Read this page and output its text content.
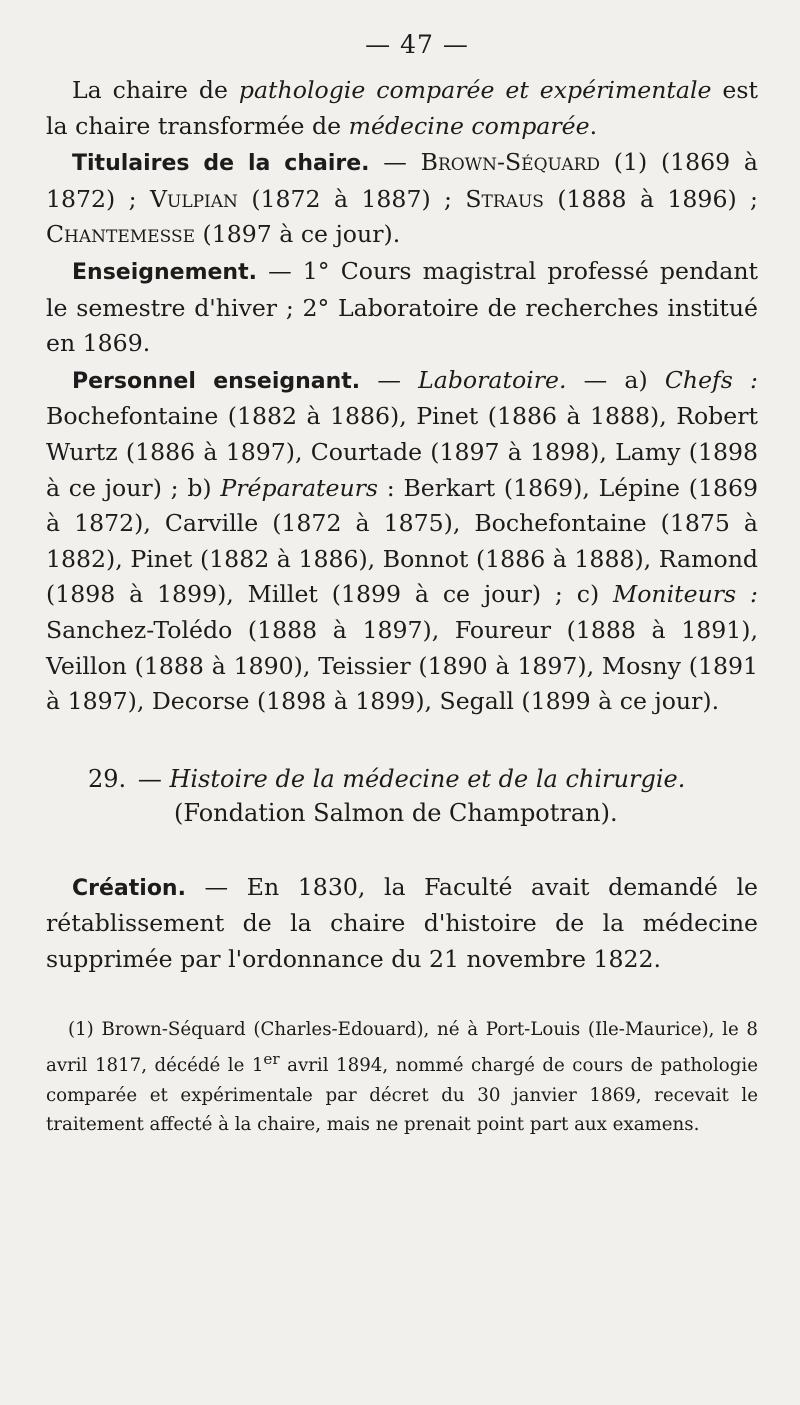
— 47 —

La chaire de pathologie comparée et expérimentale est la chaire transformée de médecine comparée.

Titulaires de la chaire. — Brown-Séquard (1) (1869 à 1872) ; Vulpian (1872 à 1887) ; Straus (1888 à 1896) ; Chantemesse (1897 à ce jour).

Enseignement. — 1° Cours magistral professé pendant le semestre d'hiver ; 2° Laboratoire de recherches institué en 1869.

Personnel enseignant. — Laboratoire. — a) Chefs : Bochefontaine (1882 à 1886), Pinet (1886 à 1888), Robert Wurtz (1886 à 1897), Courtade (1897 à 1898), Lamy (1898 à ce jour) ; b) Préparateurs : Berkart (1869), Lépine (1869 à 1872), Carville (1872 à 1875), Bochefontaine (1875 à 1882), Pinet (1882 à 1886), Bonnot (1886 à 1888), Ramond (1898 à 1899), Millet (1899 à ce jour) ; c) Moniteurs : Sanchez-Tolédo (1888 à 1897), Foureur (1888 à 1891), Veillon (1888 à 1890), Teissier (1890 à 1897), Mosny (1891 à 1897), Decorse (1898 à 1899), Segall (1899 à ce jour).

29. — Histoire de la médecine et de la chirurgie.

(Fondation Salmon de Champotran).

Création. — En 1830, la Faculté avait demandé le rétablissement de la chaire d'histoire de la médecine supprimée par l'ordonnance du 21 novembre 1822.

(1) Brown-Séquard (Charles-Edouard), né à Port-Louis (Ile-Maurice), le 8 avril 1817, décédé le 1er avril 1894, nommé chargé de cours de pathologie comparée et expérimentale par décret du 30 janvier 1869, recevait le traitement affecté à la chaire, mais ne prenait point part aux examens.
